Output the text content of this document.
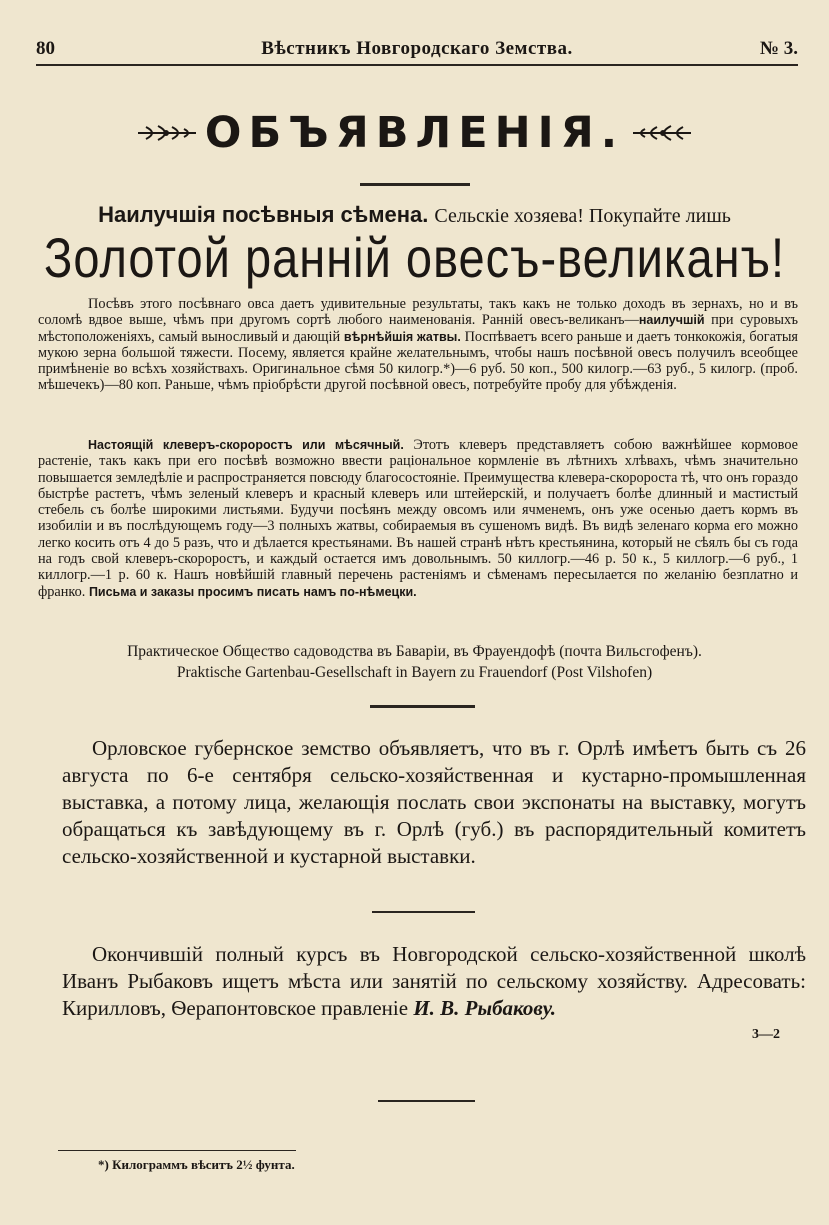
80	Вѣстникъ Новгородскаго Земства.	№ 3.
ОБЪЯВЛЕНІЯ.
Наилучшія посѣвныя сѣмена. Сельскіе хозяева! Покупайте лишь
Золотой ранній овесъ-великанъ!

Посѣвъ этого посѣвнаго овса даетъ удивительные результаты, такъ какъ не только доходъ въ зернахъ, но и въ соломѣ вдвое выше, чѣмъ при другомъ сортѣ любого наименованія. Ранній овесъ-великанъ—наилучшій при суровыхъ мѣстоположеніяхъ, самый выносливый и дающій вѣрнѣйшія жатвы. Поспѣваетъ всего раньше и даетъ тонкокожія, богатыя мукою зерна большой тяжести. Посему, является крайне желательнымъ, чтобы нашъ посѣвной овесъ получилъ всеобщее примѣненіе во всѣхъ хозяйствахъ. Оригинальное сѣмя 50 килогр.*)—6 руб. 50 коп., 500 килогр.—63 руб., 5 килогр. (проб. мѣшечекъ)—80 коп. Раньше, чѣмъ пріобрѣсти другой посѣвной овесъ, потребуйте пробу для убѣжденія.

Настоящій клеверъ-скороростъ или мѣсячный. Этотъ клеверъ представляетъ собою важнѣйшее кормовое растеніе, такъ какъ при его посѣвѣ возможно ввести раціональное кормленіе въ лѣтнихъ хлѣвахъ, чѣмъ значительно повышается земледѣліе и распространяется повсюду благосостояніе. Преимущества клевера-скоророста тѣ, что онъ гораздо быстрѣе растетъ, чѣмъ зеленый клеверъ и красный клеверъ или штейерскій, и получаетъ болѣе длинный и мастистый стебель съ болѣе широкими листьями. Будучи посѣянъ между овсомъ или ячменемъ, онъ уже осенью даетъ кормъ въ изобиліи и въ послѣдующемъ году—3 полныхъ жатвы, собираемыя въ сушеномъ видѣ. Въ видѣ зеленаго корма его можно легко косить отъ 4 до 5 разъ, что и дѣлается крестьянами. Въ нашей странѣ нѣтъ крестьянина, который не сѣялъ бы съ года на годъ свой клеверъ-скороростъ, и каждый остается имъ довольнымъ. 50 киллогр.—46 р. 50 к., 5 киллогр.—6 руб., 1 киллогр.—1 р. 60 к. Нашъ новѣйшій главный перечень растеніямъ и сѣменамъ пересылается по желанію безплатно и франко. Письма и заказы просимъ писать намъ по-нѣмецки.

Практическое Общество садоводства въ Баваріи, въ Фрауендофѣ (почта Вильсгофенъ).
Praktische Gartenbau-Gesellschaft in Bayern zu Frauendorf (Post Vilshofen)

Орловское губернское земство объявляетъ, что въ г. Орлѣ имѣетъ быть съ 26 августа по 6-е сентября сельско-хозяйственная и кустарно-промышленная выставка, а потому лица, желающія послать свои экспонаты на выставку, могутъ обращаться къ завѣдующему въ г. Орлѣ (губ.) въ распорядительный комитетъ сельско-хозяйственной и кустарной выставки.

Окончившій полный курсъ въ Новгородской сельско-хозяйственной школѣ Иванъ Рыбаковъ ищетъ мѣста или занятій по сельскому хозяйству. Адресовать: Кирилловъ, Ѳерапонтовское правленіе И. В. Рыбакову.

3—2
*) Килограммъ вѣситъ 2½ фунта.
